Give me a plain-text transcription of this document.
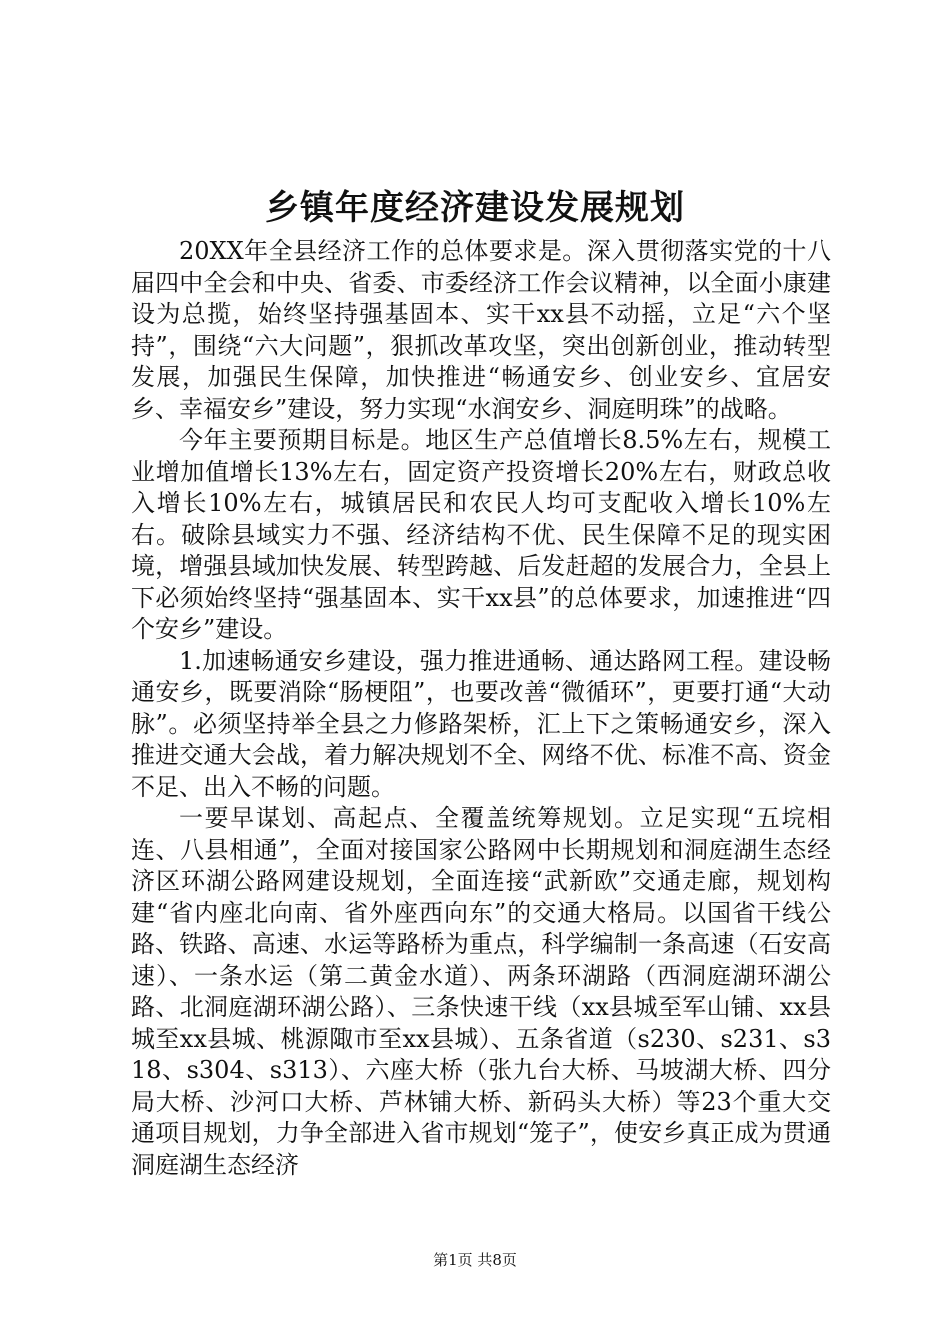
乡镇年度经济建设发展规划

20XX年全县经济工作的总体要求是。深入贯彻落实党的十八届四中全会和中央、省委、市委经济工作会议精神，以全面小康建设为总揽，始终坚持强基固本、实干xx县不动摇，立足“六个坚持”，围绕“六大问题”，狠抓改革攻坚，突出创新创业，推动转型发展，加强民生保障，加快推进“畅通安乡、创业安乡、宜居安乡、幸福安乡”建设，努力实现“水润安乡、洞庭明珠”的战略。

今年主要预期目标是。地区生产总值增长8.5%左右，规模工业增加值增长13%左右，固定资产投资增长20%左右，财政总收入增长10%左右，城镇居民和农民人均可支配收入增长10%左右。破除县域实力不强、经济结构不优、民生保障不足的现实困境，增强县域加快发展、转型跨越、后发赶超的发展合力，全县上下必须始终坚持“强基固本、实干xx县”的总体要求，加速推进“四个安乡”建设。

1.加速畅通安乡建设，强力推进通畅、通达路网工程。建设畅通安乡，既要消除“肠梗阻”，也要改善“微循环”，更要打通“大动脉”。必须坚持举全县之力修路架桥，汇上下之策畅通安乡，深入推进交通大会战，着力解决规划不全、网络不优、标准不高、资金不足、出入不畅的问题。

一要早谋划、高起点、全覆盖统筹规划。立足实现“五垸相连、八县相通”，全面对接国家公路网中长期规划和洞庭湖生态经济区环湖公路网建设规划，全面连接“武新欧”交通走廊，规划构建“省内座北向南、省外座西向东”的交通大格局。以国省干线公路、铁路、高速、水运等路桥为重点，科学编制一条高速（石安高速）、一条水运（第二黄金水道）、两条环湖路（西洞庭湖环湖公路、北洞庭湖环湖公路）、三条快速干线（xx县城至军山铺、xx县城至xx县城、桃源陬市至xx县城）、五条省道（s230、s231、s318、s304、s313）、六座大桥（张九台大桥、马坡湖大桥、四分局大桥、沙河口大桥、芦林铺大桥、新码头大桥）等23个重大交通项目规划，力争全部进入省市规划“笼子”，使安乡真正成为贯通洞庭湖生态经济

第1页 共8页
